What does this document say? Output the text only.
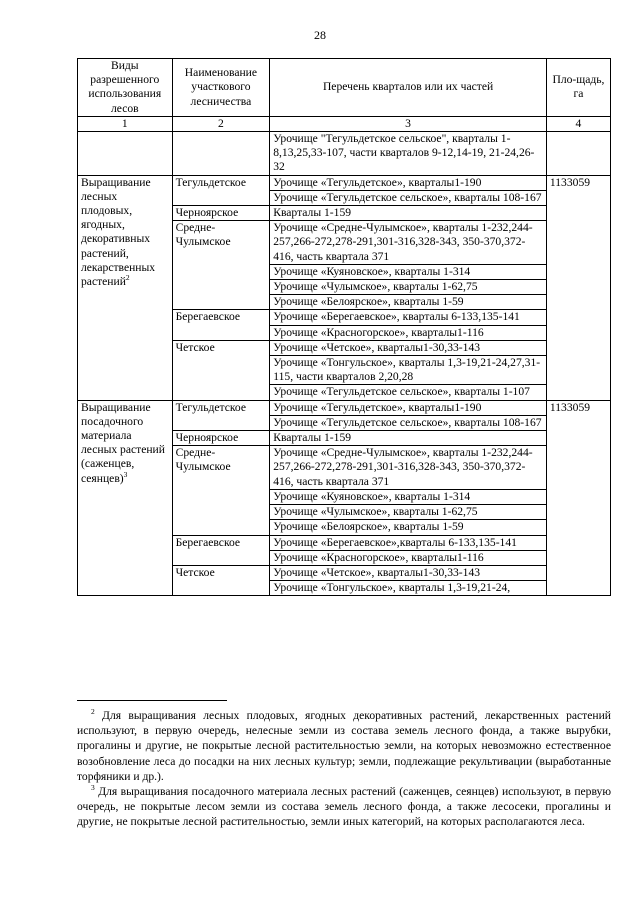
28
Виды разрешенного использования лесов	Наименование участкового лесничества	Перечень кварталов или их частей	Пло-щадь, га
1	2	3	4
		Урочище "Тегульдетское сельское", кварталы 1-8,13,25,33-107, части кварталов 9-12,14-19, 21-24,26-32	
Выращивание лесных плодовых, ягодных, декоративных растений, лекарственных растений$^2$	Тегульдетское	Урочище «Тегульдетское», кварталы1-190	1133059
		Урочище «Тегульдетское сельское», кварталы 108-167	
	Черноярское	Кварталы 1-159	
	Средне-Чулымское	Урочище «Средне-Чулымское», кварталы 1-232,244-257,266-272,278-291,301-316,328-343, 350-370,372-416, часть квартала 371	
		Урочище «Куяновское», кварталы 1-314	
		Урочище «Чулымское», кварталы 1-62,75	
		Урочище «Белоярское», кварталы 1-59	
	Берегаевское	Урочище «Берегаевское», кварталы 6-133,135-141	
		Урочище «Красногорское», кварталы1-116	
	Четское	Урочище «Четское», кварталы1-30,33-143	
		Урочище «Тонгульское», кварталы 1,3-19,21-24,27,31-115, части кварталов 2,20,28	
		Урочище «Тегульдетское сельское», кварталы 1-107	
Выращивание посадочного материала лесных растений (саженцев, сеянцев)$^3$	Тегульдетское	Урочище «Тегульдетское», кварталы1-190	1133059
		Урочище «Тегульдетское сельское», кварталы 108-167	
	Черноярское	Кварталы 1-159	
	Средне-Чулымское	Урочище «Средне-Чулымское», кварталы 1-232,244-257,266-272,278-291,301-316,328-343, 350-370,372-416, часть квартала 371	
		Урочище «Куяновское», кварталы 1-314	
		Урочище «Чулымское», кварталы 1-62,75	
		Урочище «Белоярское», кварталы 1-59	
	Берегаевское	Урочище «Берегаевское»,кварталы 6-133,135-141	
		Урочище «Красногорское», кварталы1-116	
	Четское	Урочище «Четское», кварталы1-30,33-143	
		Урочище «Тонгульское», кварталы 1,3-19,21-24,	

$^2$ Для выращивания лесных плодовых, ягодных декоративных растений, лекарственных растений используют, в первую очередь, нелесные земли из состава земель лесного фонда, а также вырубки, прогалины и другие, не покрытые лесной растительностью земли, на которых невозможно естественное возобновление леса до посадки на них лесных культур; земли, подлежащие рекультивации (выработанные торфяники и др.).

$^3$ Для выращивания посадочного материала лесных растений (саженцев, сеянцев) используют, в первую очередь, не покрытые лесом земли из состава земель лесного фонда, а также лесосеки, прогалины и другие, не покрытые лесной растительностью, земли иных категорий, на которых располагаются леса.
